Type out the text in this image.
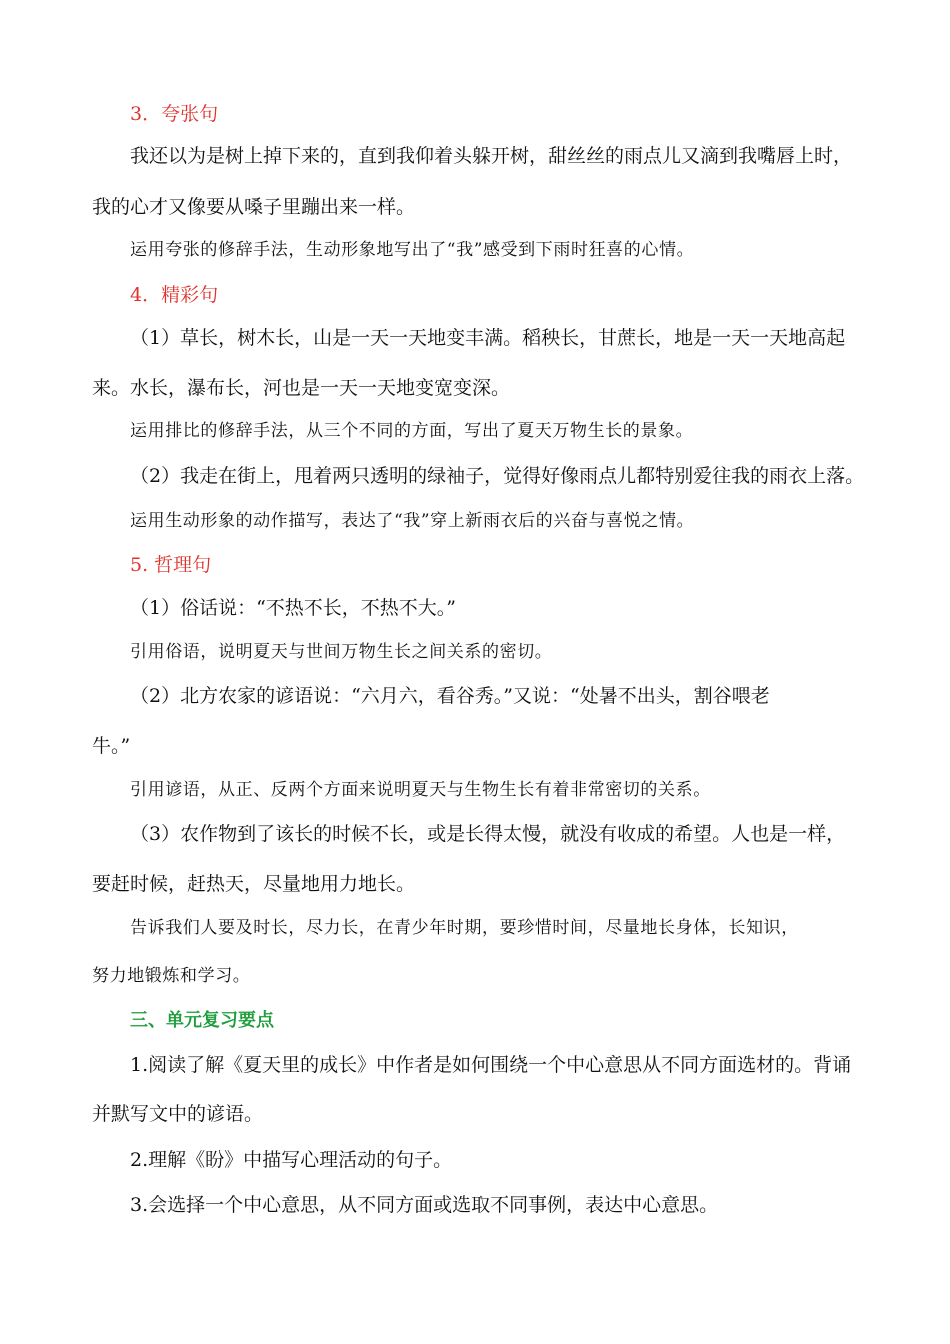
3．夸张句
我还以为是树上掉下来的，直到我仰着头躲开树，甜丝丝的雨点儿又滴到我嘴唇上时，
我的心才又像要从嗓子里蹦出来一样。
运用夸张的修辞手法，生动形象地写出了“我”感受到下雨时狂喜的心情。
4．精彩句
（1）草长，树木长，山是一天一天地变丰满。稻秧长，甘蔗长，地是一天一天地高起
来。水长，瀑布长，河也是一天一天地变宽变深。
运用排比的修辞手法，从三个不同的方面，写出了夏天万物生长的景象。
（2）我走在街上，甩着两只透明的绿袖子，觉得好像雨点儿都特别爱往我的雨衣上落。
运用生动形象的动作描写，表达了“我”穿上新雨衣后的兴奋与喜悦之情。
5. 哲理句
（1）俗话说：“不热不长，不热不大。”
引用俗语，说明夏天与世间万物生长之间关系的密切。
（2）北方农家的谚语说：“六月六，看谷秀。”又说：“处暑不出头，割谷喂老
牛。”
引用谚语，从正、反两个方面来说明夏天与生物生长有着非常密切的关系。
（3）农作物到了该长的时候不长，或是长得太慢，就没有收成的希望。人也是一样，
要赶时候，赶热天，尽量地用力地长。
告诉我们人要及时长，尽力长，在青少年时期，要珍惜时间，尽量地长身体，长知识，
努力地锻炼和学习。
三、单元复习要点
1.阅读了解《夏天里的成长》中作者是如何围绕一个中心意思从不同方面选材的。背诵
并默写文中的谚语。
2.理解《盼》中描写心理活动的句子。
3.会选择一个中心意思，从不同方面或选取不同事例，表达中心意思。
